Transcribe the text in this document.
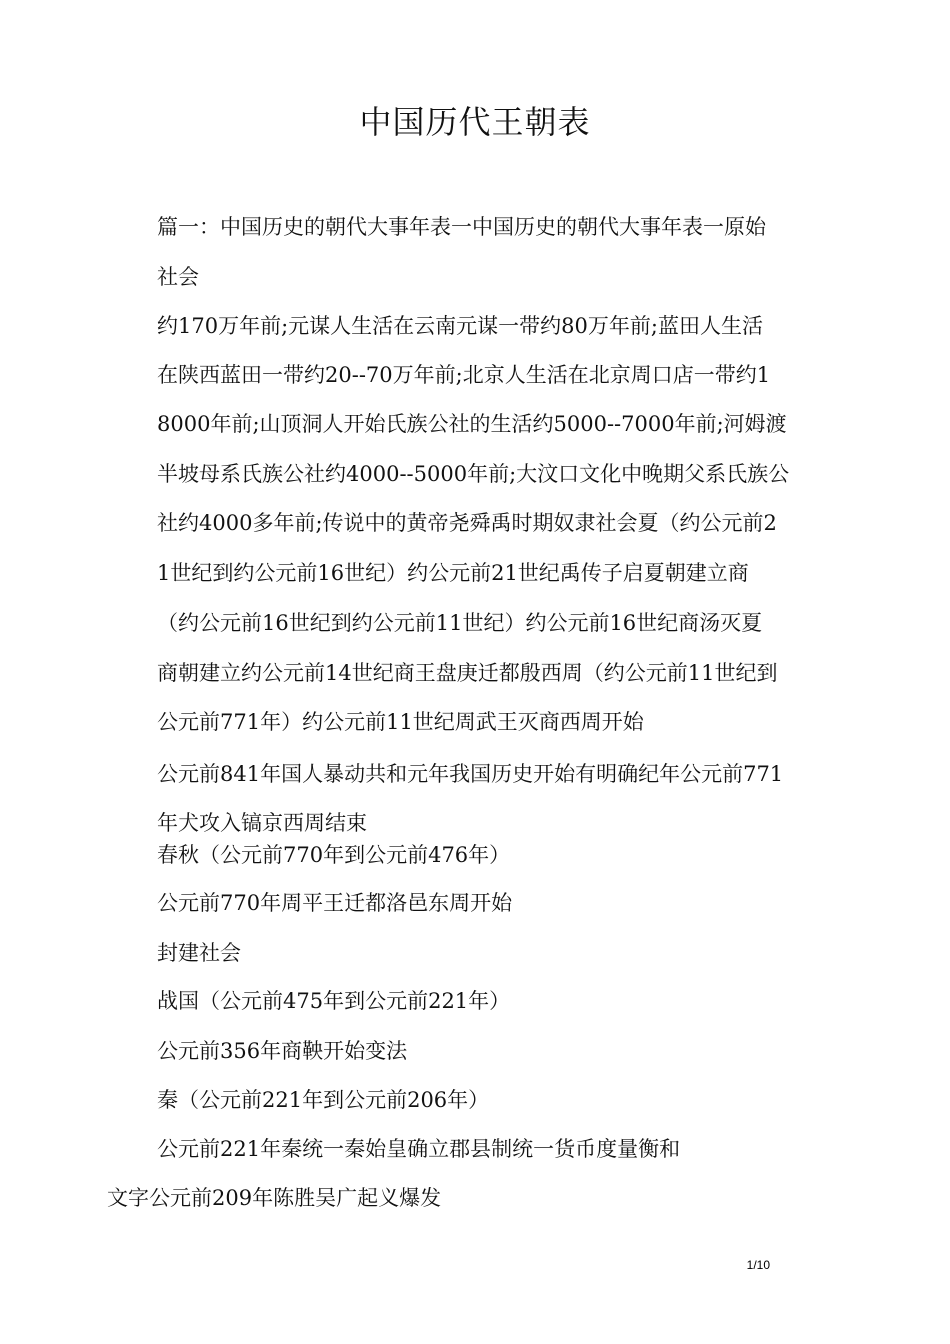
中国历代王朝表

篇一：中国历史的朝代大事年表一中国历史的朝代大事年表一原始

社会

约170万年前;元谋人生活在云南元谋一带约80万年前;蓝田人生活

在陕西蓝田一带约20--70万年前;北京人生活在北京周口店一带约1

8000年前;山顶洞人开始氏族公社的生活约5000--7000年前;河姆渡

半坡母系氏族公社约4000--5000年前;大汶口文化中晚期父系氏族公

社约4000多年前;传说中的黄帝尧舜禹时期奴隶社会夏（约公元前2

1世纪到约公元前16世纪）约公元前21世纪禹传子启夏朝建立商

（约公元前16世纪到约公元前11世纪）约公元前16世纪商汤灭夏

商朝建立约公元前14世纪商王盘庚迁都殷西周（约公元前11世纪到

公元前771年）约公元前11世纪周武王灭商西周开始

公元前841年国人暴动共和元年我国历史开始有明确纪年公元前771

年犬攻入镐京西周结束

春秋（公元前770年到公元前476年）

公元前770年周平王迁都洛邑东周开始

封建社会

战国（公元前475年到公元前221年）

公元前356年商鞅开始变法

秦（公元前221年到公元前206年）

公元前221年秦统一秦始皇确立郡县制统一货币度量衡和

文字公元前209年陈胜吴广起义爆发

1/10
